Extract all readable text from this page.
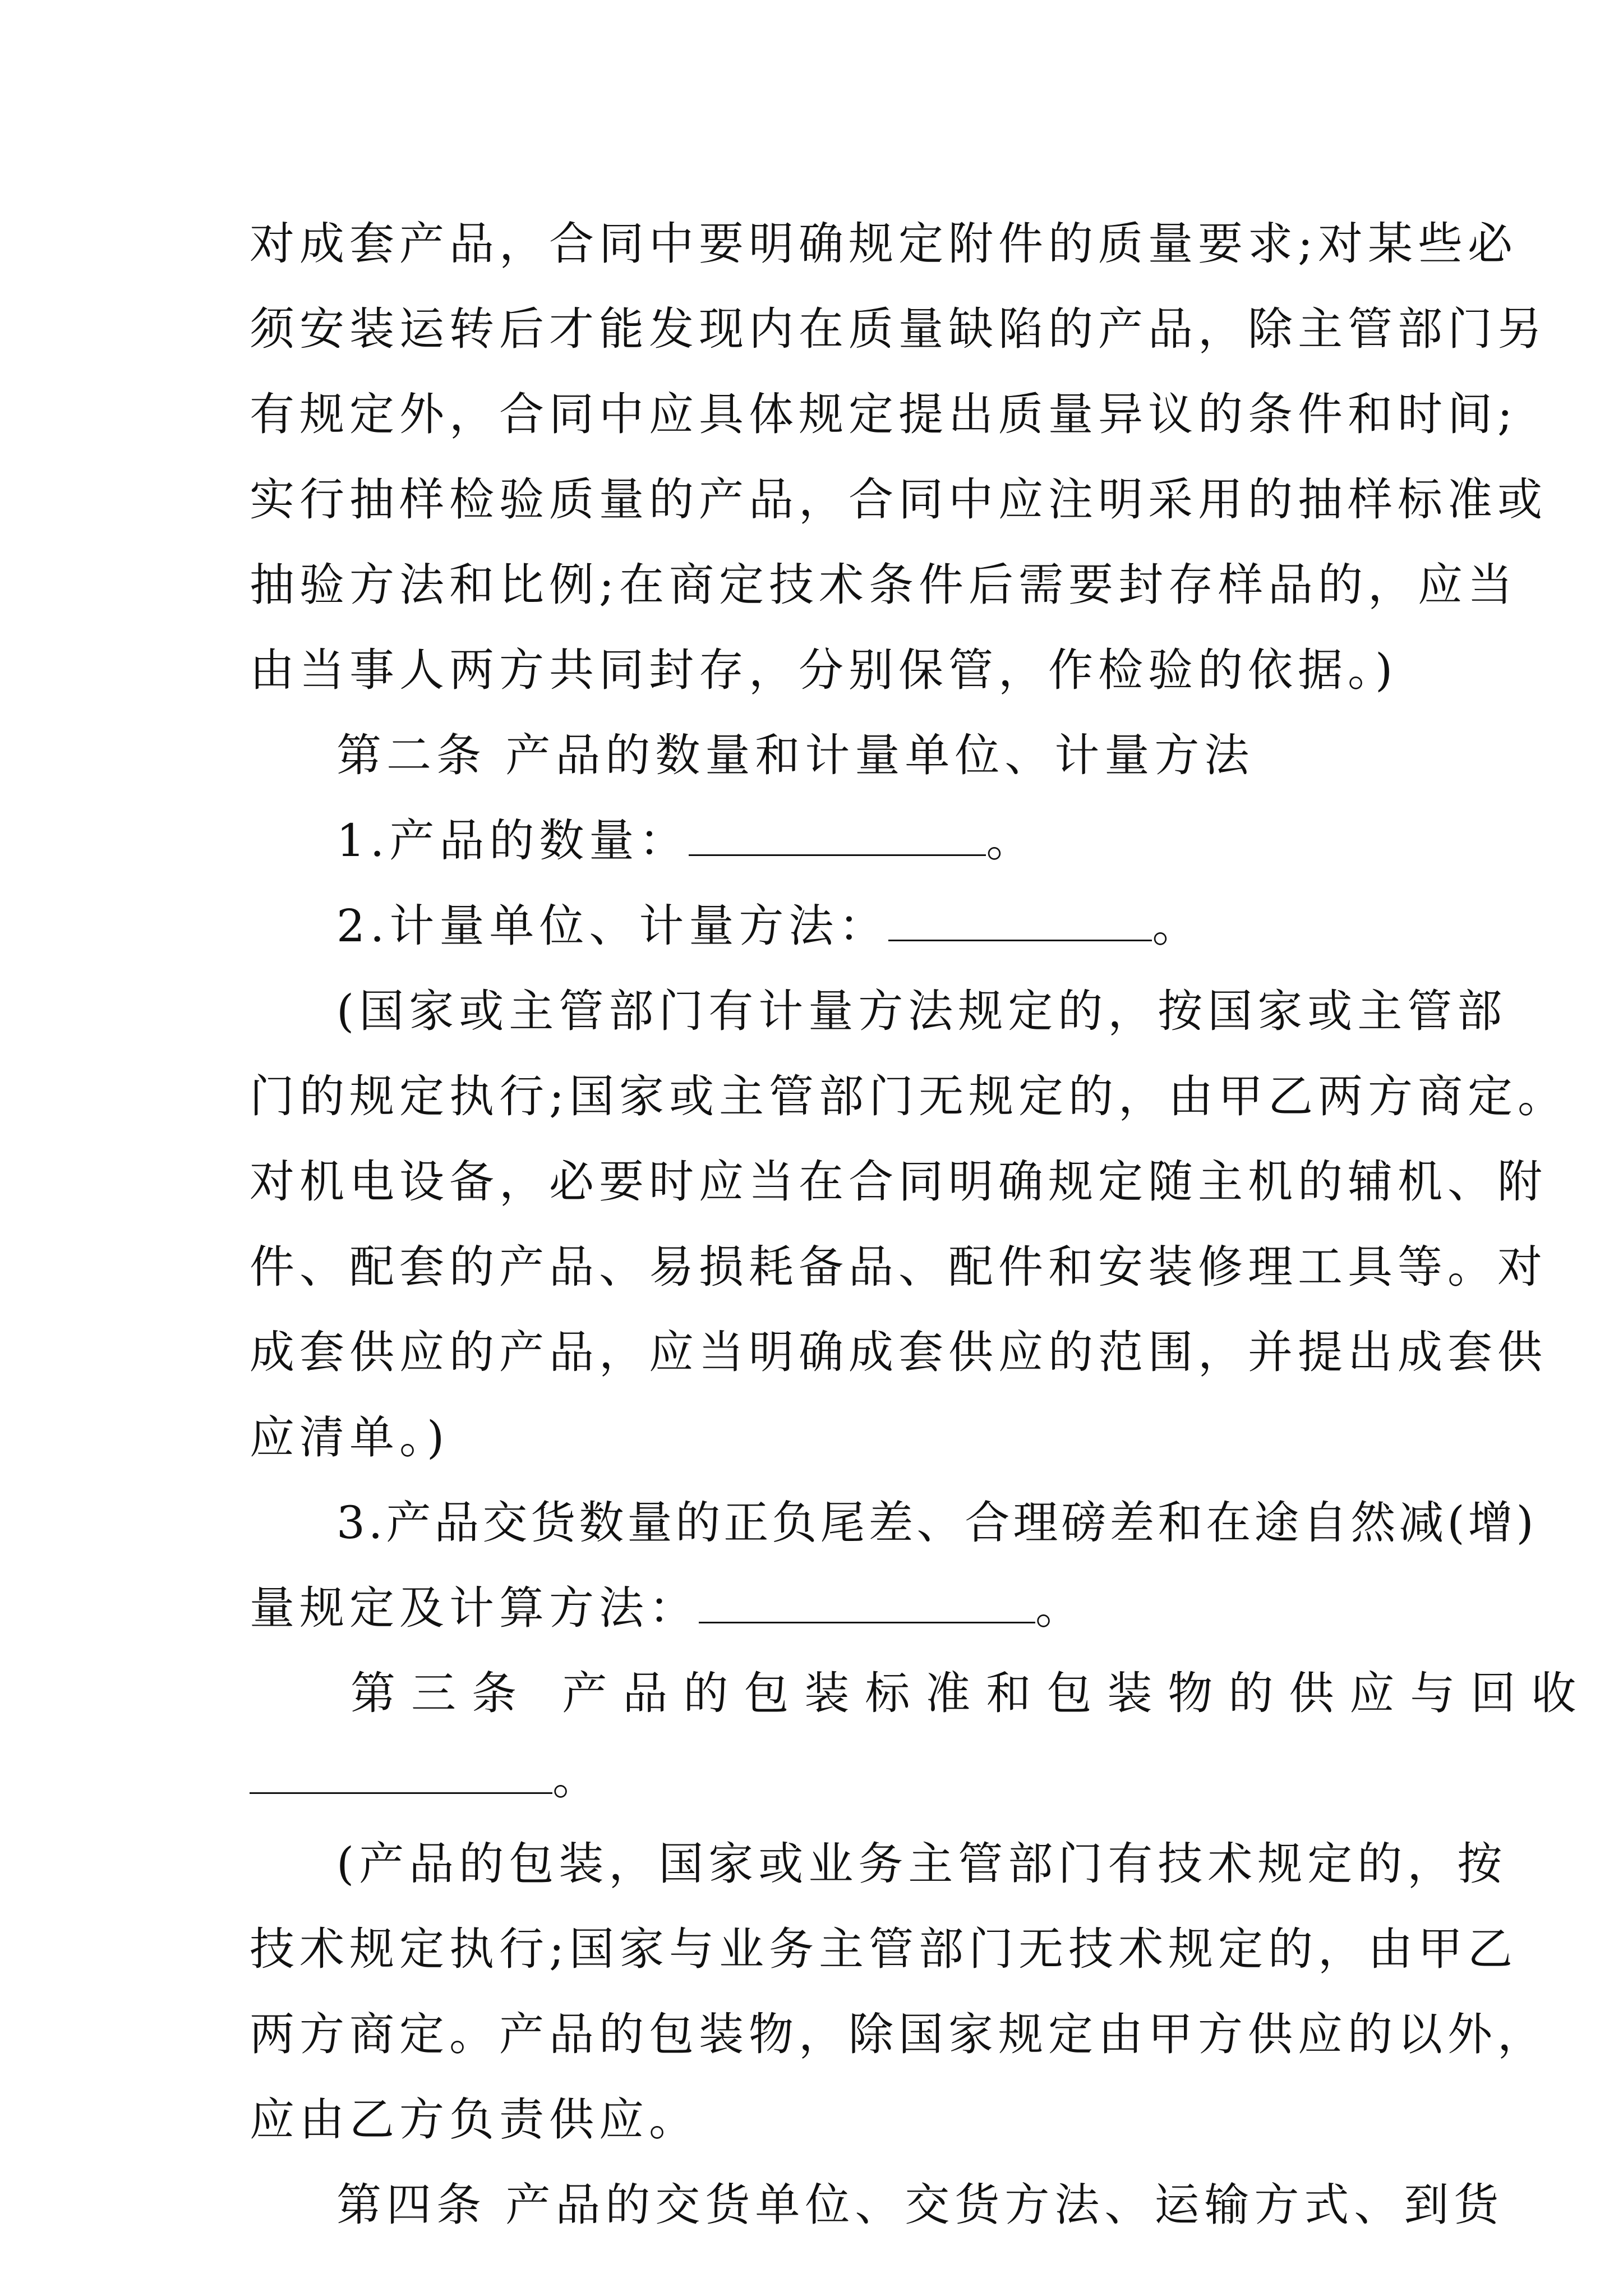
对成套产品，合同中要明确规定附件的质量要求;对某些必
须安装运转后才能发现内在质量缺陷的产品，除主管部门另
有规定外，合同中应具体规定提出质量异议的条件和时间;
实行抽样检验质量的产品，合同中应注明采用的抽样标准或
抽验方法和比例;在商定技术条件后需要封存样品的，应当
由当事人两方共同封存，分别保管，作检验的依据。)
第二条 产品的数量和计量单位、计量方法
1.产品的数量：	。
2.计量单位、计量方法：	。
(国家或主管部门有计量方法规定的，按国家或主管部
门的规定执行;国家或主管部门无规定的，由甲乙两方商定。
对机电设备，必要时应当在合同明确规定随主机的辅机、附
件、配套的产品、易损耗备品、配件和安装修理工具等。对
成套供应的产品，应当明确成套供应的范围，并提出成套供
应清单。)
3.产品交货数量的正负尾差、合理磅差和在途自然减(增)
量规定及计算方法：	。
第三条 产品的包装标准和包装物的供应与回收
。
(产品的包装，国家或业务主管部门有技术规定的，按
技术规定执行;国家与业务主管部门无技术规定的，由甲乙
两方商定。产品的包装物，除国家规定由甲方供应的以外，
应由乙方负责供应。
第四条 产品的交货单位、交货方法、运输方式、到货
